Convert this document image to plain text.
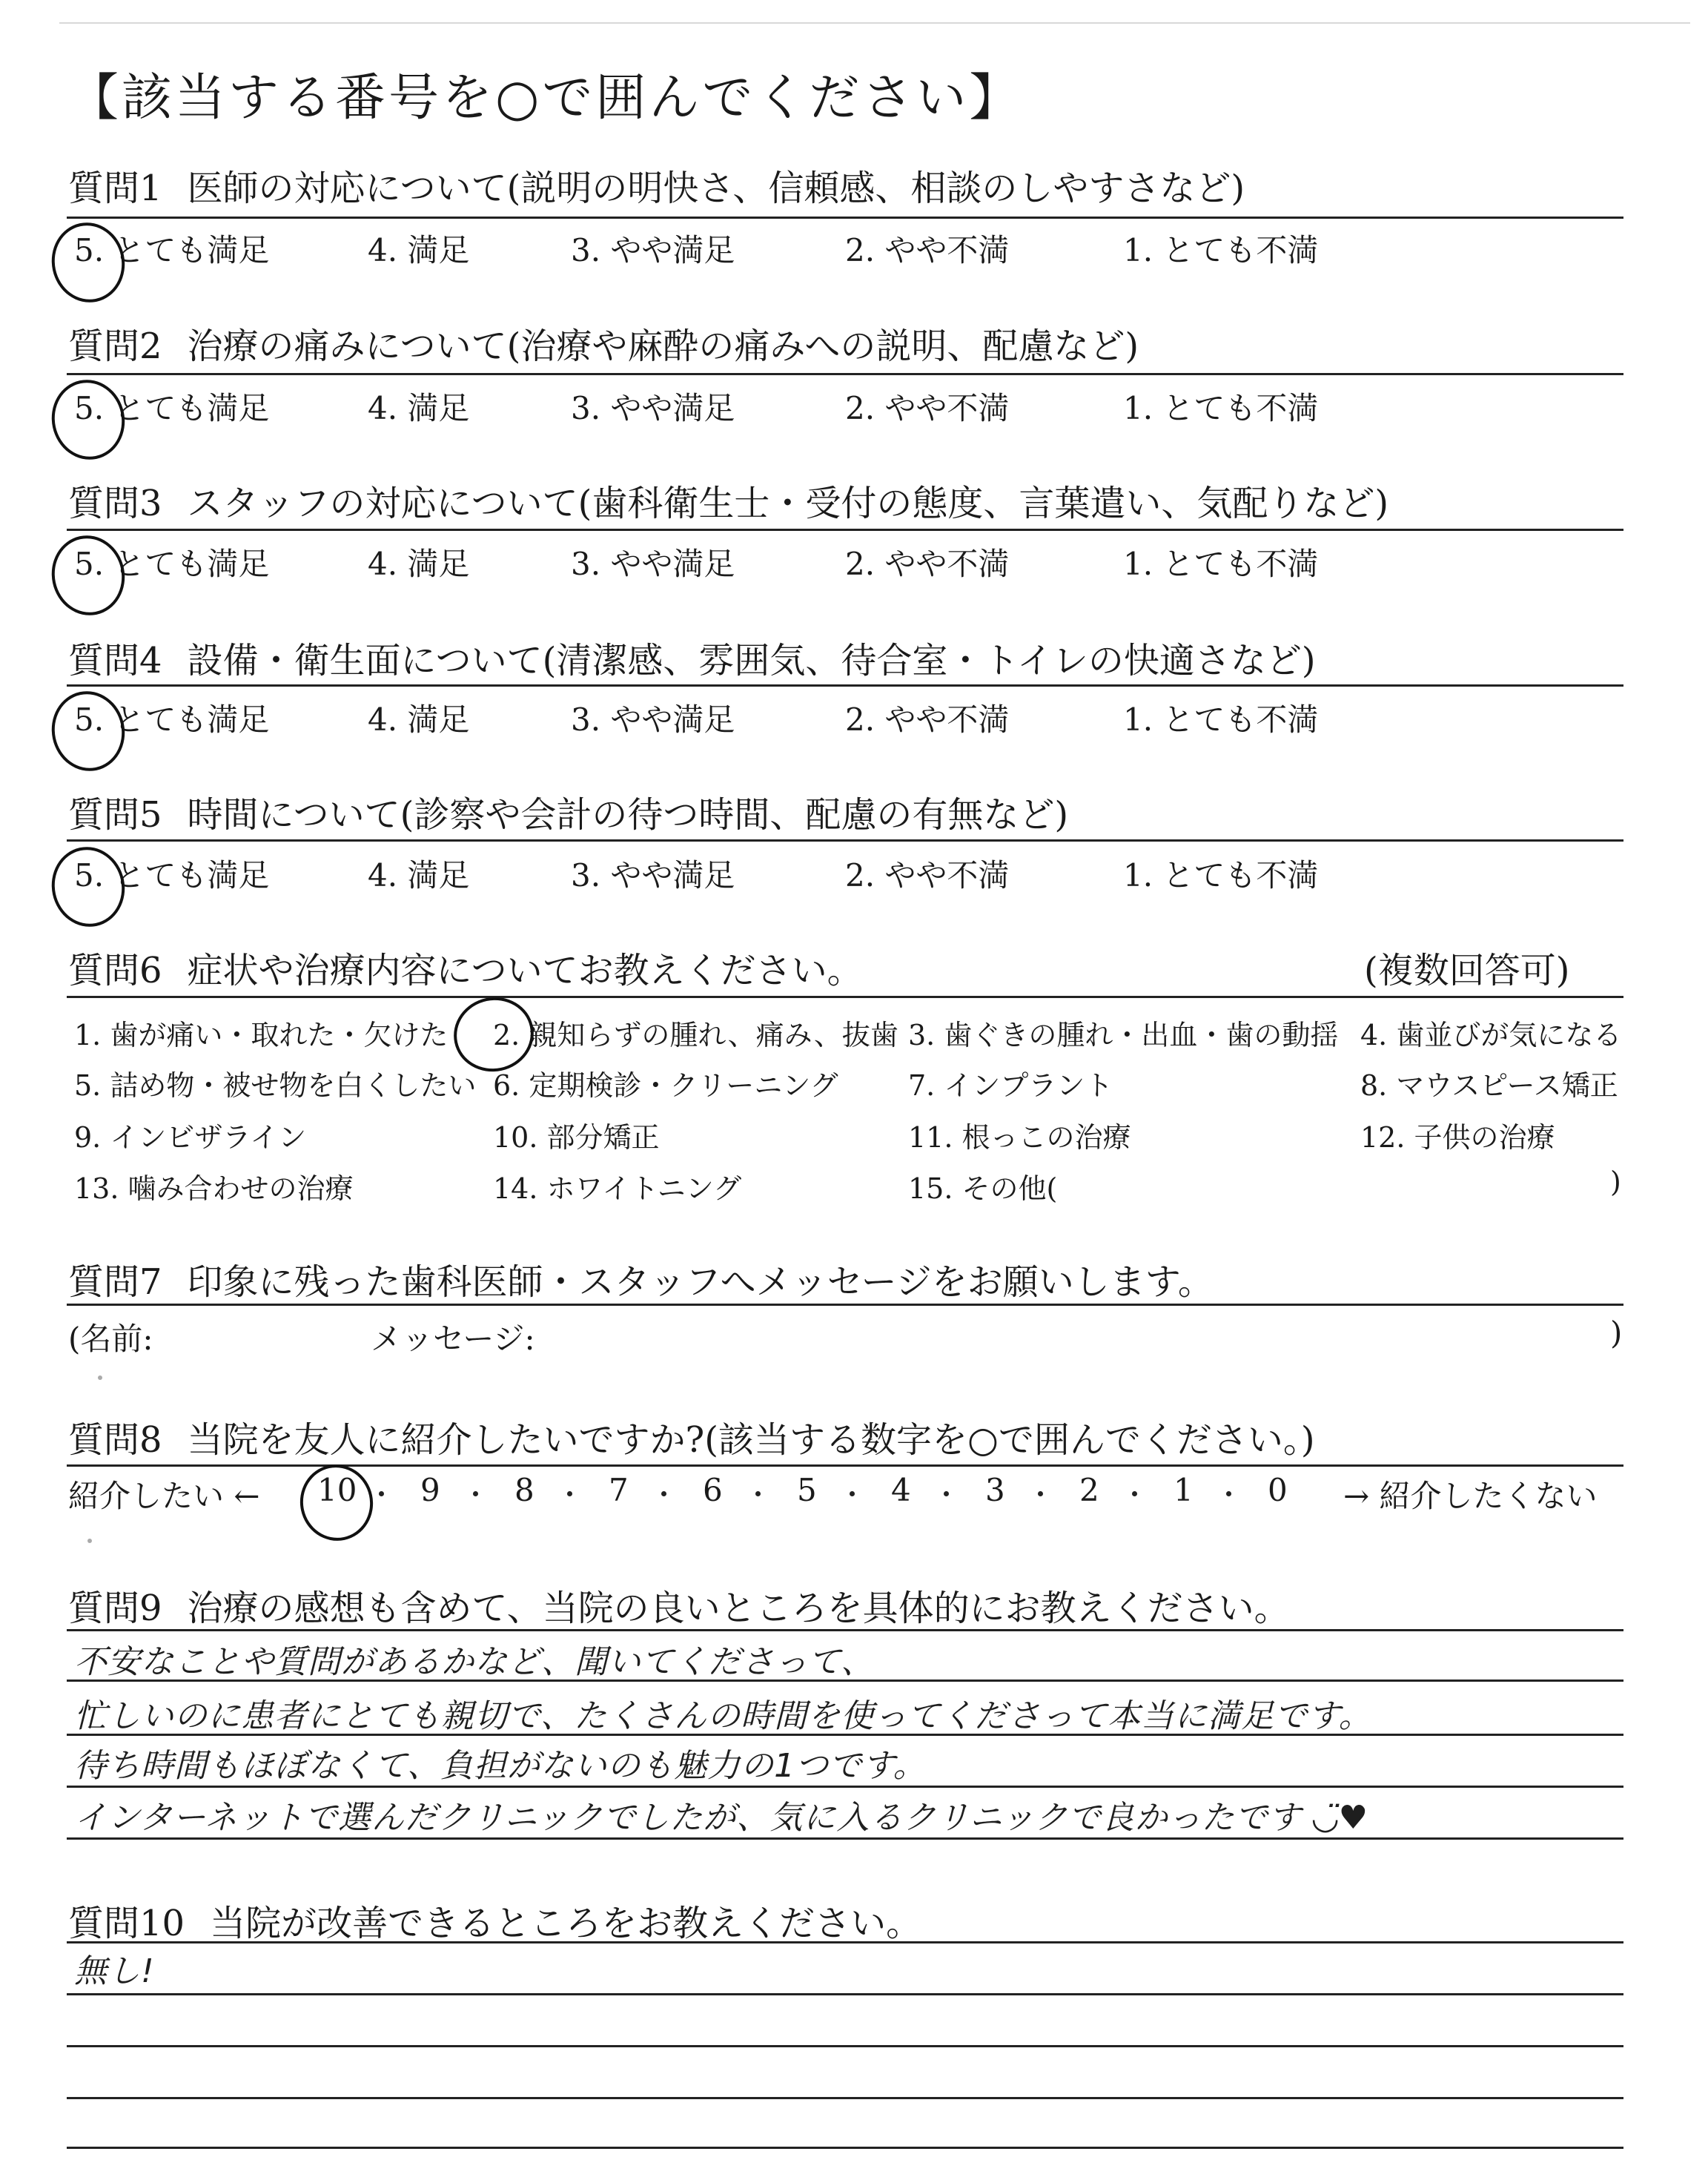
【該当する番号を○で囲んでください】
質問1 医師の対応について(説明の明快さ、信頼感、相談のしやすさなど)
5. とても満足	4. 満足	3. やや満足	2. やや不満	1. とても不満
質問2 治療の痛みについて(治療や麻酔の痛みへの説明、配慮など)
5. とても満足	4. 満足	3. やや満足	2. やや不満	1. とても不満
質問3 スタッフの対応について(歯科衛生士・受付の態度、言葉遣い、気配りなど)
5. とても満足	4. 満足	3. やや満足	2. やや不満	1. とても不満
質問4 設備・衛生面について(清潔感、雰囲気、待合室・トイレの快適さなど)
5. とても満足	4. 満足	3. やや満足	2. やや不満	1. とても不満
質問5 時間について(診察や会計の待つ時間、配慮の有無など)
5. とても満足	4. 満足	3. やや満足	2. やや不満	1. とても不満
質問6 症状や治療内容についてお教えください。	(複数回答可)
1. 歯が痛い・取れた・欠けた 2. 親知らずの腫れ、痛み、抜歯 3. 歯ぐきの腫れ・出血・歯の動揺 4. 歯並びが気になる
5. 詰め物・被せ物を白くしたい 6. 定期検診・クリーニング 7. インプラント	8. マウスピース矯正
9. インビザライン	10. 部分矯正	11. 根っこの治療	12. 子供の治療
13. 噛み合わせの治療	14. ホワイトニング	15. その他(	)
質問7 印象に残った歯科医師・スタッフへメッセージをお願いします。
(名前:	メッセージ:	)
質問8 当院を友人に紹介したいですか?(該当する数字を○で囲んでください。)
紹介したい ←	→ 紹介したくない
10 9 8 7 6 5 4 3 2 1 0
質問9 治療の感想も含めて、当院の良いところを具体的にお教えください。
不安なことや質問があるかなど、聞いてくださって、
忙しいのに患者にとても親切で、たくさんの時間を使ってくださって本当に満足です。
待ち時間もほぼなくて、負担がないのも魅力の1つです。
インターネットで選んだクリニックでしたが、気に入るクリニックで良かったです ◡̈♥
質問10 当院が改善できるところをお教えください。
無し!
